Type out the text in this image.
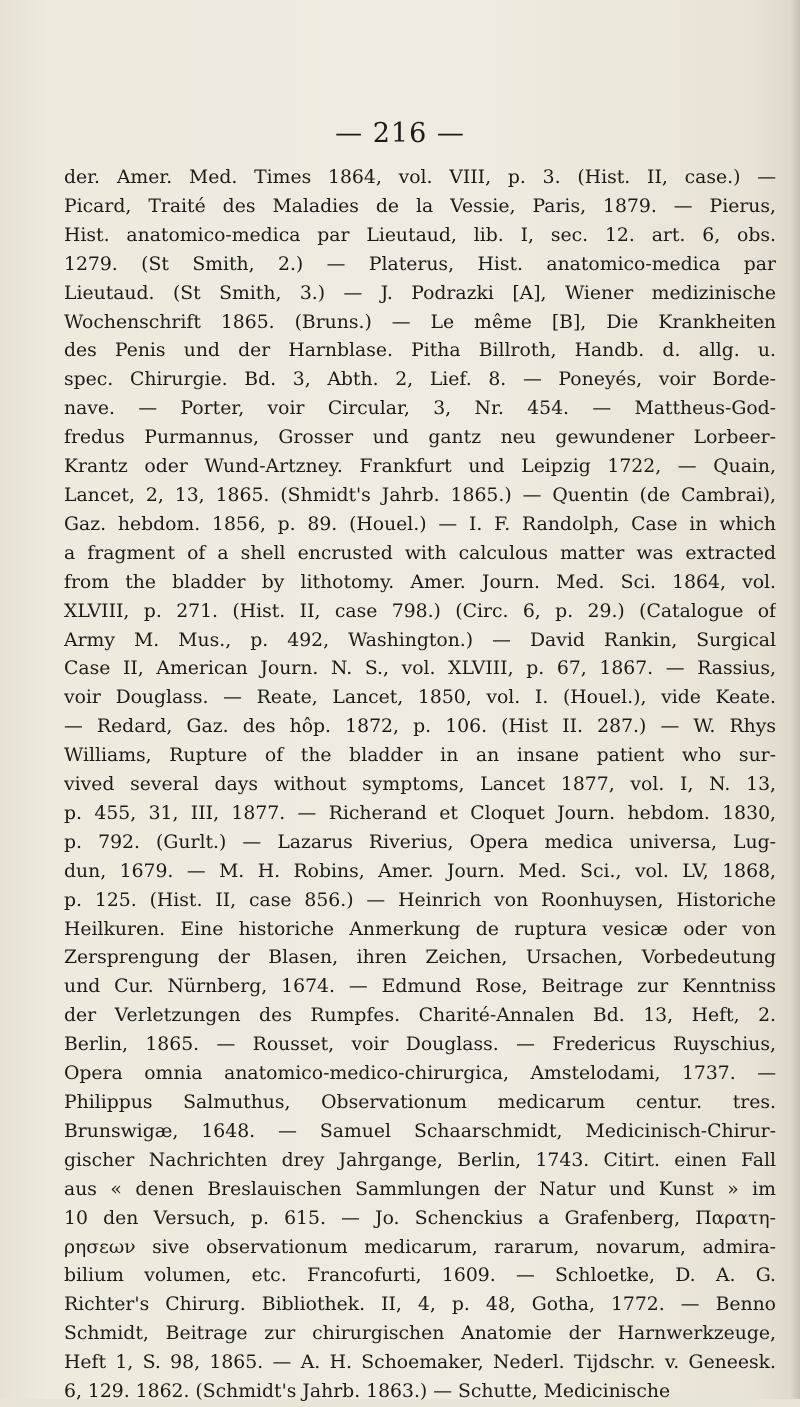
— 216 —
der. Amer. Med. Times 1864, vol. VIII, p. 3. (Hist. II, case.) —
Picard, Traité des Maladies de la Vessie, Paris, 1879. — Pierus,
Hist. anatomico-medica par Lieutaud, lib. I, sec. 12. art. 6, obs.
1279. (St Smith, 2.) — Platerus, Hist. anatomico-medica par
Lieutaud. (St Smith, 3.) — J. Podrazki [A], Wiener medizinische
Wochenschrift 1865. (Bruns.) — Le même [B], Die Krankheiten
des Penis und der Harnblase. Pitha Billroth, Handb. d. allg. u.
spec. Chirurgie. Bd. 3, Abth. 2, Lief. 8. — Poneyés, voir Borde-
nave. — Porter, voir Circular, 3, Nr. 454. — Mattheus-God-
fredus Purmannus, Grosser und gantz neu gewundener Lorbeer-
Krantz oder Wund-Artzney. Frankfurt und Leipzig 1722, — Quain,
Lancet, 2, 13, 1865. (Shmidt's Jahrb. 1865.) — Quentin (de Cambrai),
Gaz. hebdom. 1856, p. 89. (Houel.) — I. F. Randolph, Case in which
a fragment of a shell encrusted with calculous matter was extracted
from the bladder by lithotomy. Amer. Journ. Med. Sci. 1864, vol.
XLVIII, p. 271. (Hist. II, case 798.) (Circ. 6, p. 29.) (Catalogue of
Army M. Mus., p. 492, Washington.) — David Rankin, Surgical
Case II, American Journ. N. S., vol. XLVIII, p. 67, 1867. — Rassius,
voir Douglass. — Reate, Lancet, 1850, vol. I. (Houel.), vide Keate.
— Redard, Gaz. des hôp. 1872, p. 106. (Hist II. 287.) — W. Rhys
Williams, Rupture of the bladder in an insane patient who sur-
vived several days without symptoms, Lancet 1877, vol. I, N. 13,
p. 455, 31, III, 1877. — Richerand et Cloquet Journ. hebdom. 1830,
p. 792. (Gurlt.) — Lazarus Riverius, Opera medica universa, Lug-
dun, 1679. — M. H. Robins, Amer. Journ. Med. Sci., vol. LV, 1868,
p. 125. (Hist. II, case 856.) — Heinrich von Roonhuysen, Historiche
Heilkuren. Eine historiche Anmerkung de ruptura vesicæ oder von
Zersprengung der Blasen, ihren Zeichen, Ursachen, Vorbedeutung
und Cur. Nürnberg, 1674. — Edmund Rose, Beitrage zur Kenntniss
der Verletzungen des Rumpfes. Charité-Annalen Bd. 13, Heft, 2.
Berlin, 1865. — Rousset, voir Douglass. — Fredericus Ruyschius,
Opera omnia anatomico-medico-chirurgica, Amstelodami, 1737. —
Philippus Salmuthus, Observationum medicarum centur. tres.
Brunswigæ, 1648. — Samuel Schaarschmidt, Medicinisch-Chirur-
gischer Nachrichten drey Jahrgange, Berlin, 1743. Citirt. einen Fall
aus « denen Breslauischen Sammlungen der Natur und Kunst » im
10 den Versuch, p. 615. — Jo. Schenckius a Grafenberg, Παρατη-
ρησεων sive observationum medicarum, rararum, novarum, admira-
bilium volumen, etc. Francofurti, 1609. — Schloetke, D. A. G.
Richter's Chirurg. Bibliothek. II, 4, p. 48, Gotha, 1772. — Benno
Schmidt, Beitrage zur chirurgischen Anatomie der Harnwerkzeuge,
Heft 1, S. 98, 1865. — A. H. Schoemaker, Nederl. Tijdschr. v. Geneesk.
6, 129. 1862. (Schmidt's Jahrb. 1863.) — Schutte, Medicinische
